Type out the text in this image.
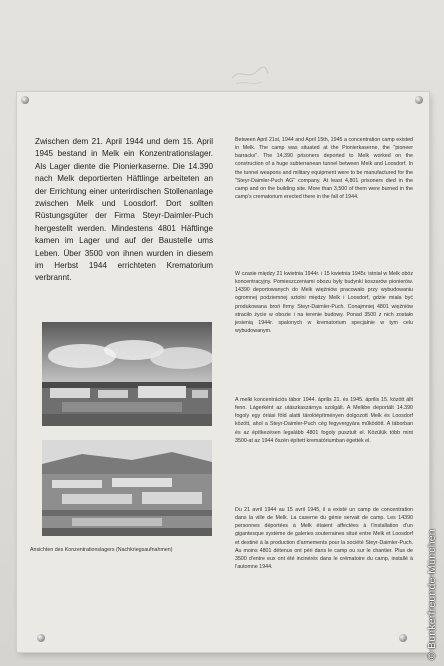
Zwischen dem 21. April 1944 und dem 15. April 1945 bestand in Melk ein Konzentrationslager. Als Lager diente die Pionierkaserne. Die 14.390 nach Melk deportierten Häftlinge arbeiteten an der Errichtung einer unterirdischen Stollenanlage zwischen Melk und Loosdorf. Dort sollten Rüstungsgüter der Firma Steyr-Daimler-Puch hergestellt werden. Mindestens 4801 Häftlinge kamen im Lager und auf der Baustelle ums Leben. Über 3500 von ihnen wurden in diesem im Herbst 1944 errichteten Krematorium verbrannt.
Between April 21st, 1944 and April 15th, 1945 a concentration camp existed in Melk. The camp was situated at the Pionierkaserne, the "pioneer barracks". The 14,390 prisoners deported to Melk worked on the construction of a huge subterranean tunnel between Melk and Loosdorf. In the tunnel weapons and military equipment were to be manufactured for the "Steyr-Daimler-Puch AG" company. At least 4,801 prisoners died in the camp and on the building site. More than 3,500 of them were burned in the camp's crematorium erected there in the fall of 1944.
W czasie między 21 kwietnia 1944r. i 15 kwietnia 1945r. istniał w Melk obóz koncentracyjny. Pomieszczeniami obozu były budynki koszarów pionierów. 14390 deportowanych do Melk więźniów pracowało przy wybudowaniu ogromnej podziemnej sztolni między Melk i Loosdorf, gdzie miała być produkowana broń firmy Steyr-Daimler-Puch. Conajmniej 4801 więźniów straciło życie w obozie i na terenie budowy. Ponad 3500 z nich zostało jesienią 1944r. spalonych w krematorium specjalnie w tym celu wybudowanym.
A melki koncentrációs tábor 1944. április 21. és 1945. április 15. között állt fenn. Lágerként az utászkaszárnya szolgált. A Melkbe deportált 14.390 fogoly egy óriási föld alatti tárolóépítményen dolgozott Melk és Loosdorf között, ahol a Steyr-Daimler-Puch cég fegyvergyára működött. A táborban és az építkezésen legalább 4801 fogoly pusztult el. Közülük több mint 3500-at az 1944 őszén épített krematóriumban égették el.
Du 21 avril 1944 au 15 avril 1945, il a existé un camp de concentration dans la ville de Melk. La caserne du génie servait de camp. Les 14390 personnes déportées à Melk étaient affectées à l'installation d'un gigantesque système de galeries souterraines situé entre Melk et Loosdorf et destiné à la production d'armements pour la société Steyr-Daimler-Puch. Au moins 4801 détenus ont péri dans le camp ou sur le chantier. Plus de 3500 d'entre eux ont été incinérés dans le crématoire du camp, installé à l'automne 1944.
Ansichten des Konzentrationslagers (Nachkriegsaufnahmen)	© Bunkerfreunde-München
